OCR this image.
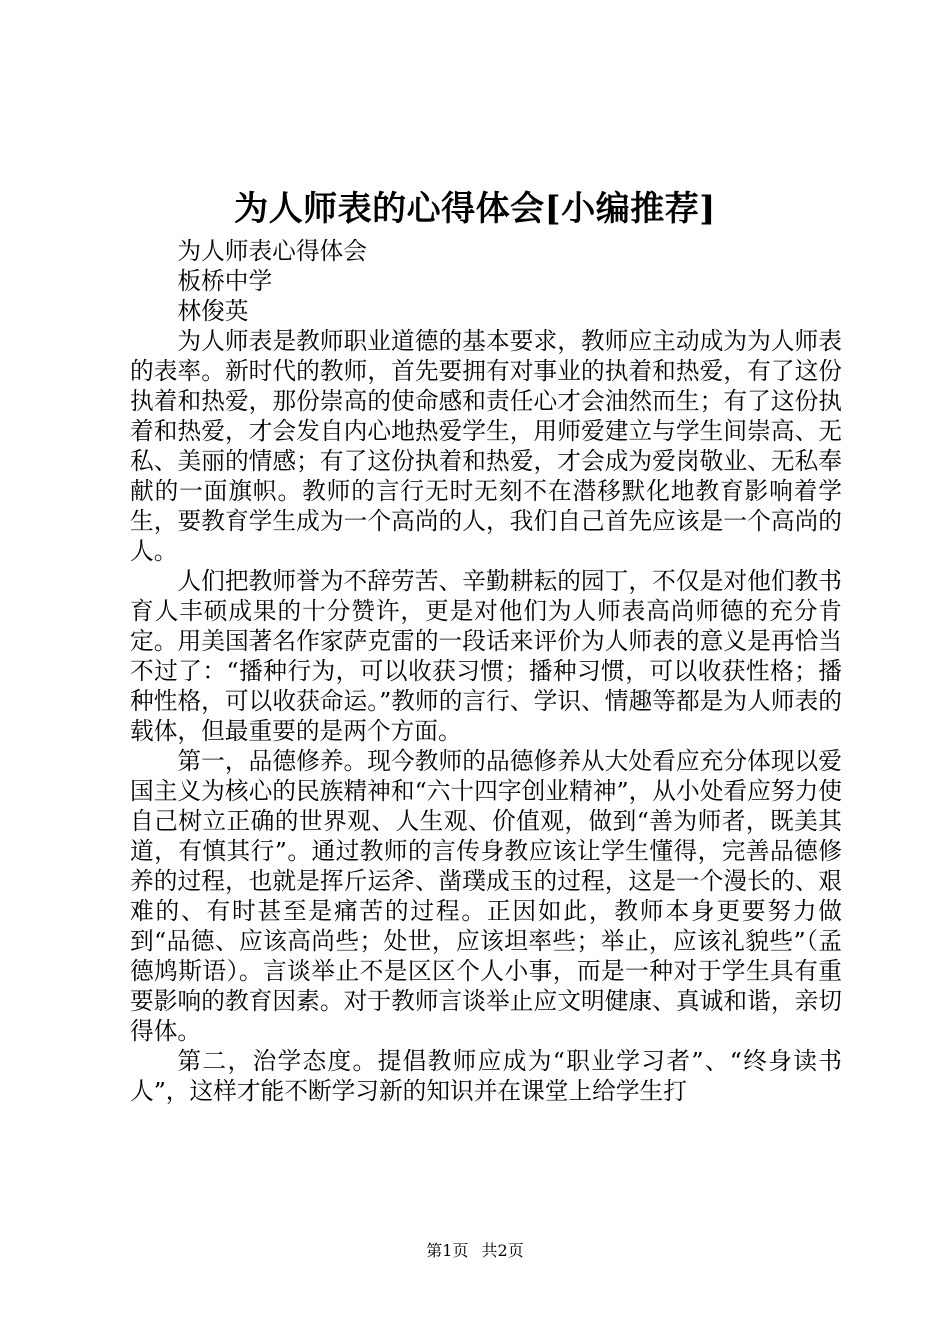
为人师表的心得体会[小编推荐]

为人师表心得体会

板桥中学

林俊英

为人师表是教师职业道德的基本要求，教师应主动成为为人师表的表率。新时代的教师，首先要拥有对事业的执着和热爱，有了这份执着和热爱，那份崇高的使命感和责任心才会油然而生；有了这份执着和热爱，才会发自内心地热爱学生，用师爱建立与学生间崇高、无私、美丽的情感；有了这份执着和热爱，才会成为爱岗敬业、无私奉献的一面旗帜。教师的言行无时无刻不在潜移默化地教育影响着学生，要教育学生成为一个高尚的人，我们自己首先应该是一个高尚的人。

人们把教师誉为不辞劳苦、辛勤耕耘的园丁，不仅是对他们教书育人丰硕成果的十分赞许，更是对他们为人师表高尚师德的充分肯定。用美国著名作家萨克雷的一段话来评价为人师表的意义是再恰当不过了：“播种行为，可以收获习惯；播种习惯，可以收获性格；播种性格，可以收获命运。”教师的言行、学识、情趣等都是为人师表的载体，但最重要的是两个方面。

第一，品德修养。现今教师的品德修养从大处看应充分体现以爱国主义为核心的民族精神和“六十四字创业精神”，从小处看应努力使自己树立正确的世界观、人生观、价值观，做到“善为师者，既美其道，有慎其行”。通过教师的言传身教应该让学生懂得，完善品德修养的过程，也就是挥斤运斧、凿璞成玉的过程，这是一个漫长的、艰难的、有时甚至是痛苦的过程。正因如此，教师本身更要努力做到“品德、应该高尚些；处世，应该坦率些；举止，应该礼貌些”（孟德鸠斯语）。言谈举止不是区区个人小事，而是一种对于学生具有重要影响的教育因素。对于教师言谈举止应文明健康、真诚和谐，亲切得体。

第二，治学态度。提倡教师应成为“职业学习者”、“终身读书人”，这样才能不断学习新的知识并在课堂上给学生打

第1页 共2页
